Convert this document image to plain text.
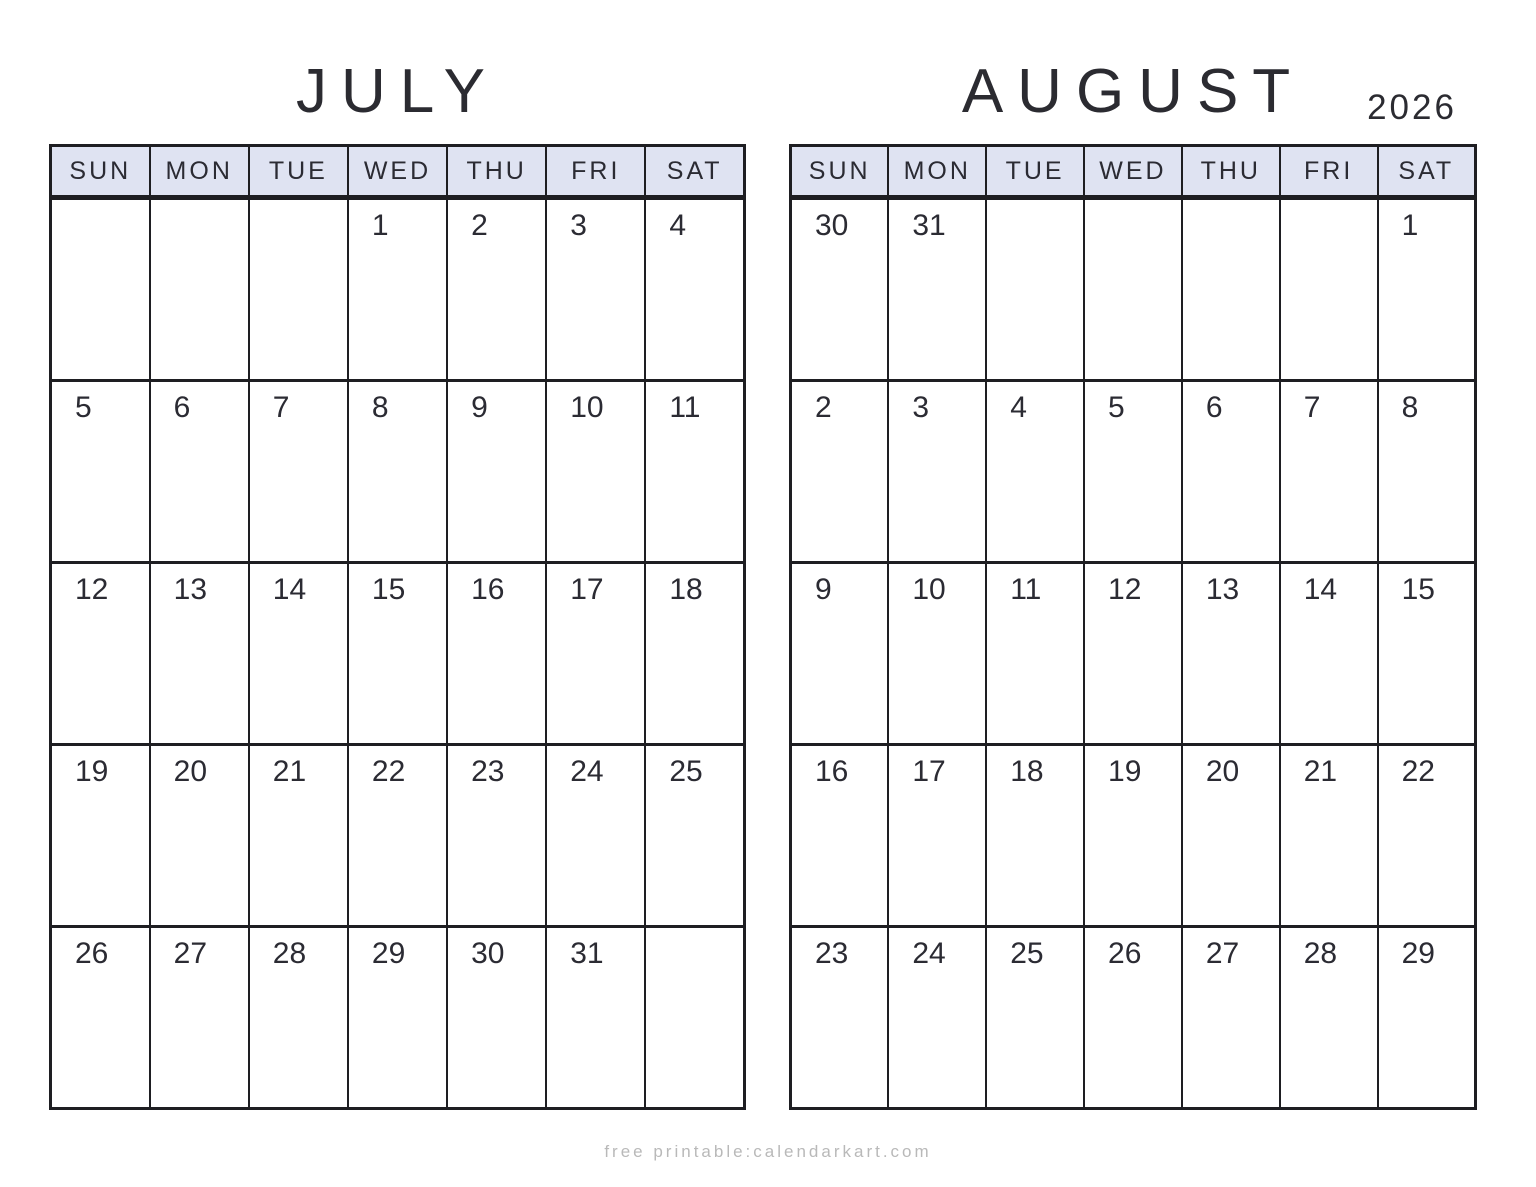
JULY	AUGUST	2026
SUN	MON	TUE	WED	THU	FRI	SAT
			1	2	3	4
5	6	7	8	9	10	11
12	13	14	15	16	17	18
19	20	21	22	23	24	25
26	27	28	29	30	31	
SUN	MON	TUE	WED	THU	FRI	SAT
30	31					1
2	3	4	5	6	7	8
9	10	11	12	13	14	15
16	17	18	19	20	21	22
23	24	25	26	27	28	29
free printable:calendarkart.com
